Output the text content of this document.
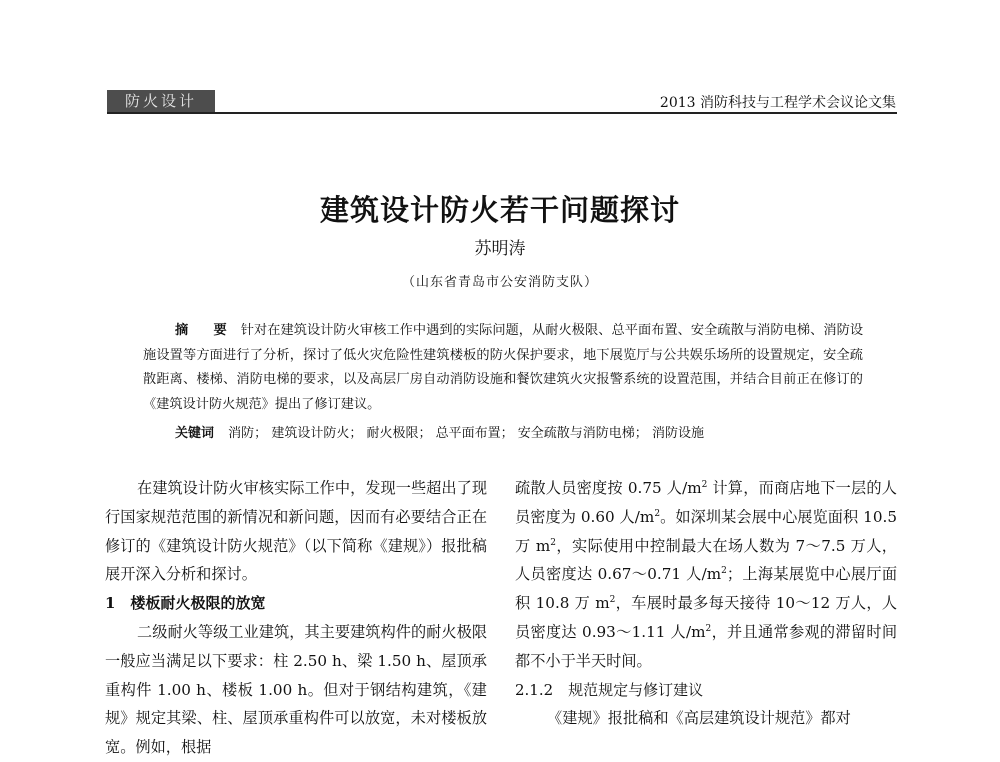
防火设计	2013 消防科技与工程学术会议论文集
建筑设计防火若干问题探讨
苏明涛
（山东省青岛市公安消防支队）
摘　要 针对在建筑设计防火审核工作中遇到的实际问题，从耐火极限、总平面布置、安全疏散与消防电梯、消防设施设置等方面进行了分析，探讨了低火灾危险性建筑楼板的防火保护要求，地下展览厅与公共娱乐场所的设置规定，安全疏散距离、楼梯、消防电梯的要求，以及高层厂房自动消防设施和餐饮建筑火灾报警系统的设置范围，并结合目前正在修订的《建筑设计防火规范》提出了修订建议。
关键词 消防； 建筑设计防火； 耐火极限； 总平面布置； 安全疏散与消防电梯； 消防设施

在建筑设计防火审核实际工作中，发现一些超出了现行国家规范范围的新情况和新问题，因而有必要结合正在修订的《建筑设计防火规范》（以下简称《建规》）报批稿展开深入分析和探讨。

1　楼板耐火极限的放宽

二级耐火等级工业建筑，其主要建筑构件的耐火极限一般应当满足以下要求：柱 2.50 h、梁 1.50 h、屋顶承重构件 1.00 h、楼板 1.00 h。但对于钢结构建筑，《建规》规定其梁、柱、屋顶承重构件可以放宽，未对楼板放宽。例如，根据

疏散人员密度按 0.75 人$/m^2$ 计算，而商店地下一层的人员密度为 0.60 人$/m^2$。如深圳某会展中心展览面积 10.5 万 $m^2$，实际使用中控制最大在场人数为 7～7.5 万人，人员密度达 0.67～0.71 人$/m^2$；上海某展览中心展厅面积 10.8 万 $m^2$，车展时最多每天接待 10～12 万人，人员密度达 0.93～1.11 人$/m^2$，并且通常参观的滞留时间都不小于半天时间。

2.1.2　规范规定与修订建议

《建规》报批稿和《高层建筑设计规范》都对
